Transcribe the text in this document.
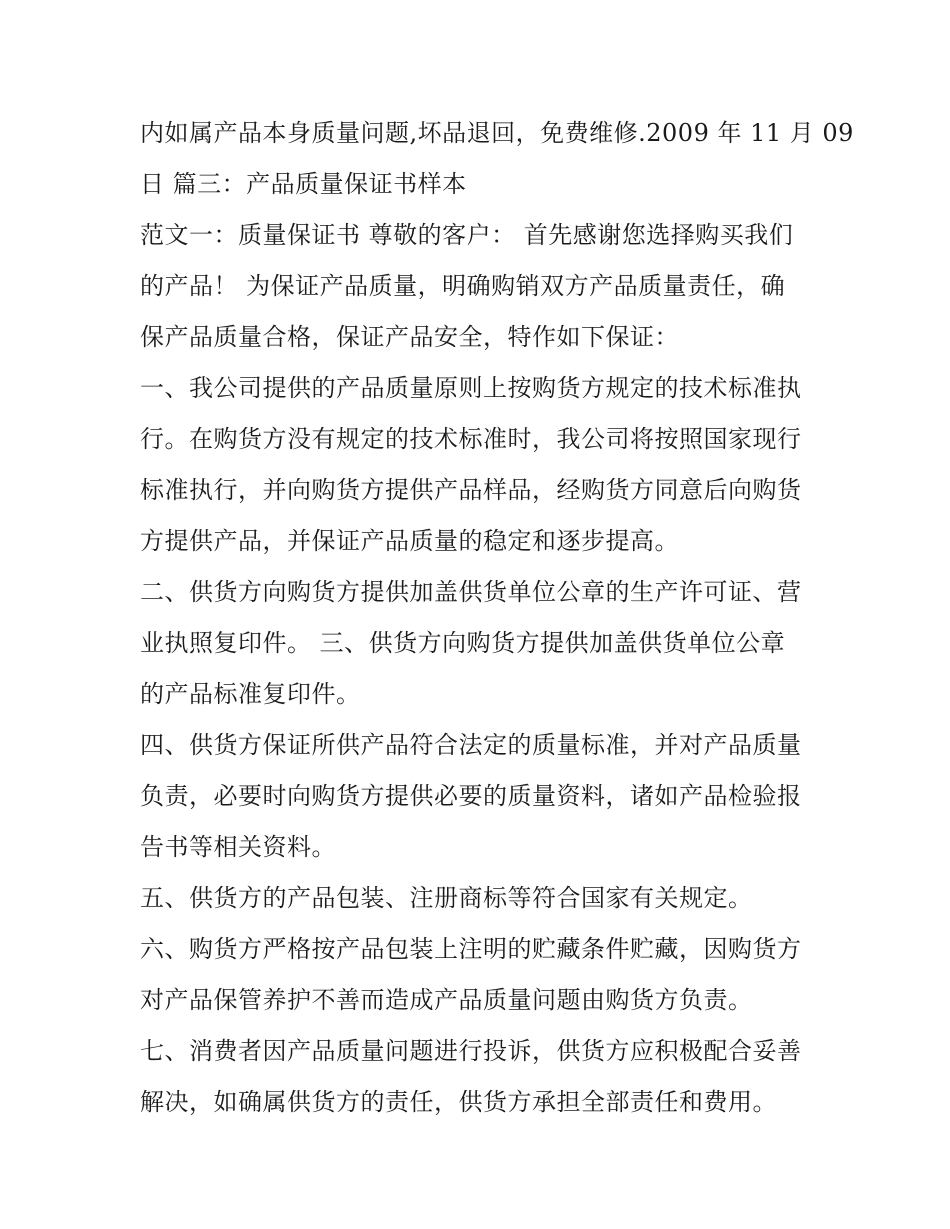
内如属产品本身质量问题,坏品退回，免费维修.2009 年 11 月 09
日 篇三：产品质量保证书样本
范文一：质量保证书 尊敬的客户： 首先感谢您选择购买我们
的产品！ 为保证产品质量，明确购销双方产品质量责任，确
保产品质量合格，保证产品安全，特作如下保证：
一、我公司提供的产品质量原则上按购货方规定的技术标准执
行。在购货方没有规定的技术标准时，我公司将按照国家现行
标准执行，并向购货方提供产品样品，经购货方同意后向购货
方提供产品，并保证产品质量的稳定和逐步提高。
二、供货方向购货方提供加盖供货单位公章的生产许可证、营
业执照复印件。 三、供货方向购货方提供加盖供货单位公章
的产品标准复印件。
四、供货方保证所供产品符合法定的质量标准，并对产品质量
负责，必要时向购货方提供必要的质量资料，诸如产品检验报
告书等相关资料。
五、供货方的产品包装、注册商标等符合国家有关规定。
六、购货方严格按产品包装上注明的贮藏条件贮藏，因购货方
对产品保管养护不善而造成产品质量问题由购货方负责。
七、消费者因产品质量问题进行投诉，供货方应积极配合妥善
解决，如确属供货方的责任，供货方承担全部责任和费用。
